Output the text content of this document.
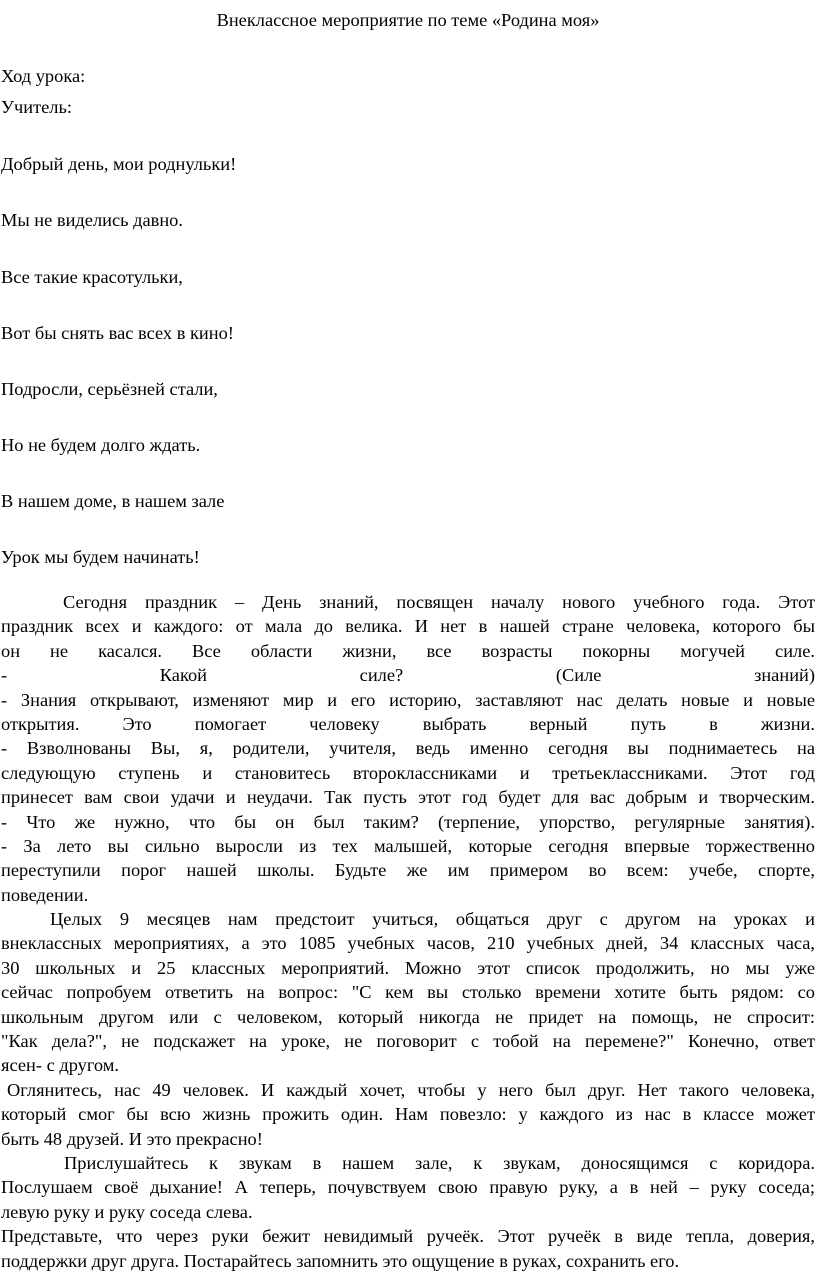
Внеклассное мероприятие по теме «Родина моя»
Ход урока:
Учитель:
Добрый день, мои роднульки!
Мы не виделись давно.
Все такие красотульки,
Вот бы снять вас всех в кино!
Подросли, серьёзней стали,
Но не будем долго ждать.
В нашем доме, в нашем зале
Урок мы будем начинать!
Сегодня праздник – День знаний, посвящен началу нового учебного года. Этот
праздник всех и каждого: от мала до велика. И нет в нашей стране человека, которого бы
он не касался. Все области жизни, все возрасты покорны могучей силе.
-	Какой	силе?	(Силе	знаний)
- Знания открывают, изменяют мир и его историю, заставляют нас делать новые и новые
открытия. Это помогает человеку выбрать верный путь в жизни.
- Взволнованы Вы, я, родители, учителя, ведь именно сегодня вы поднимаетесь на
следующую ступень и становитесь второклассниками и третьеклассниками. Этот год
принесет вам свои удачи и неудачи. Так пусть этот год будет для вас добрым и творческим.
- Что же нужно, что бы он был таким? (терпение, упорство, регулярные занятия).
- За лето вы сильно выросли из тех малышей, которые сегодня впервые торжественно
переступили порог нашей школы. Будьте же им примером во всем: учебе, спорте,
поведении.
Целых 9 месяцев нам предстоит учиться, общаться друг с другом на уроках и
внеклассных мероприятиях, а это 1085 учебных часов, 210 учебных дней, 34 классных часа,
30 школьных и 25 классных мероприятий. Можно этот список продолжить, но мы уже
сейчас попробуем ответить на вопрос: "С кем вы столько времени хотите быть рядом: со
школьным другом или с человеком, который никогда не придет на помощь, не спросит:
"Как дела?", не подскажет на уроке, не поговорит с тобой на перемене?" Конечно, ответ
ясен- с другом.
Оглянитесь, нас 49 человек. И каждый хочет, чтобы у него был друг. Нет такого человека,
который смог бы всю жизнь прожить один. Нам повезло: у каждого из нас в классе может
быть 48 друзей. И это прекрасно!
Прислушайтесь к звукам в нашем зале, к звукам, доносящимся с коридора.
Послушаем своё дыхание! А теперь, почувствуем свою правую руку, а в ней – руку соседа;
левую руку и руку соседа слева.
Представьте, что через руки бежит невидимый ручеёк. Этот ручеёк в виде тепла, доверия,
поддержки друг друга. Постарайтесь запомнить это ощущение в руках, сохранить его.
